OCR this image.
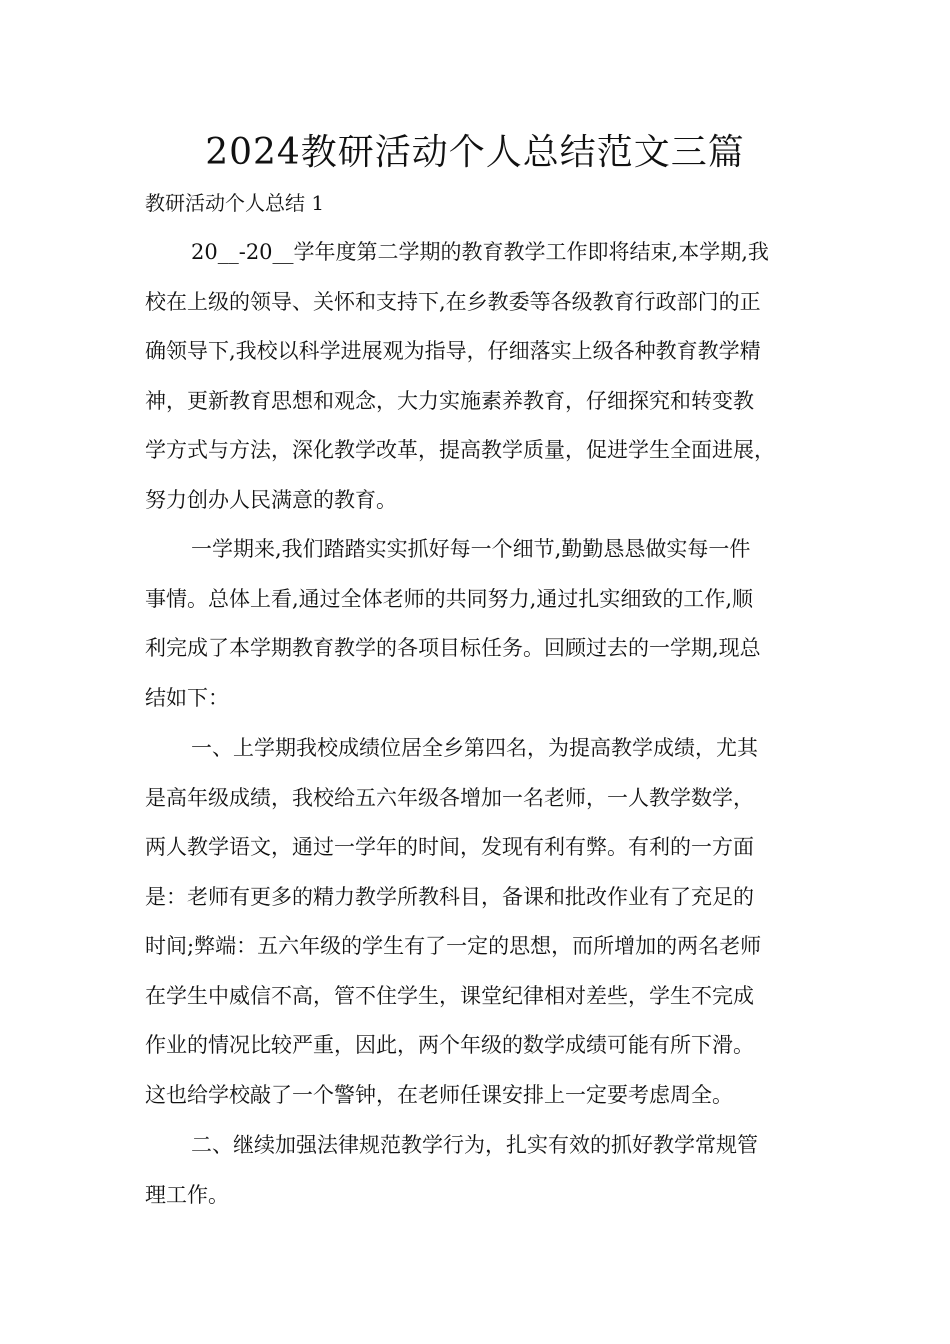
2024教研活动个人总结范文三篇
教研活动个人总结 1
20__-20__学年度第二学期的教育教学工作即将结束,本学期,我
校在上级的领导、关怀和支持下,在乡教委等各级教育行政部门的正
确领导下,我校以科学进展观为指导，仔细落实上级各种教育教学精
神，更新教育思想和观念，大力实施素养教育，仔细探究和转变教
学方式与方法，深化教学改革，提高教学质量，促进学生全面进展，
努力创办人民满意的教育。
一学期来,我们踏踏实实抓好每一个细节,勤勤恳恳做实每一件
事情。总体上看,通过全体老师的共同努力,通过扎实细致的工作,顺
利完成了本学期教育教学的各项目标任务。回顾过去的一学期,现总
结如下：
一、上学期我校成绩位居全乡第四名，为提高教学成绩，尤其
是高年级成绩，我校给五六年级各增加一名老师，一人教学数学，
两人教学语文，通过一学年的时间，发现有利有弊。有利的一方面
是：老师有更多的精力教学所教科目，备课和批改作业有了充足的
时间;弊端：五六年级的学生有了一定的思想，而所增加的两名老师
在学生中威信不高，管不住学生，课堂纪律相对差些，学生不完成
作业的情况比较严重，因此，两个年级的数学成绩可能有所下滑。
这也给学校敲了一个警钟，在老师任课安排上一定要考虑周全。
二、继续加强法律规范教学行为，扎实有效的抓好教学常规管
理工作。
